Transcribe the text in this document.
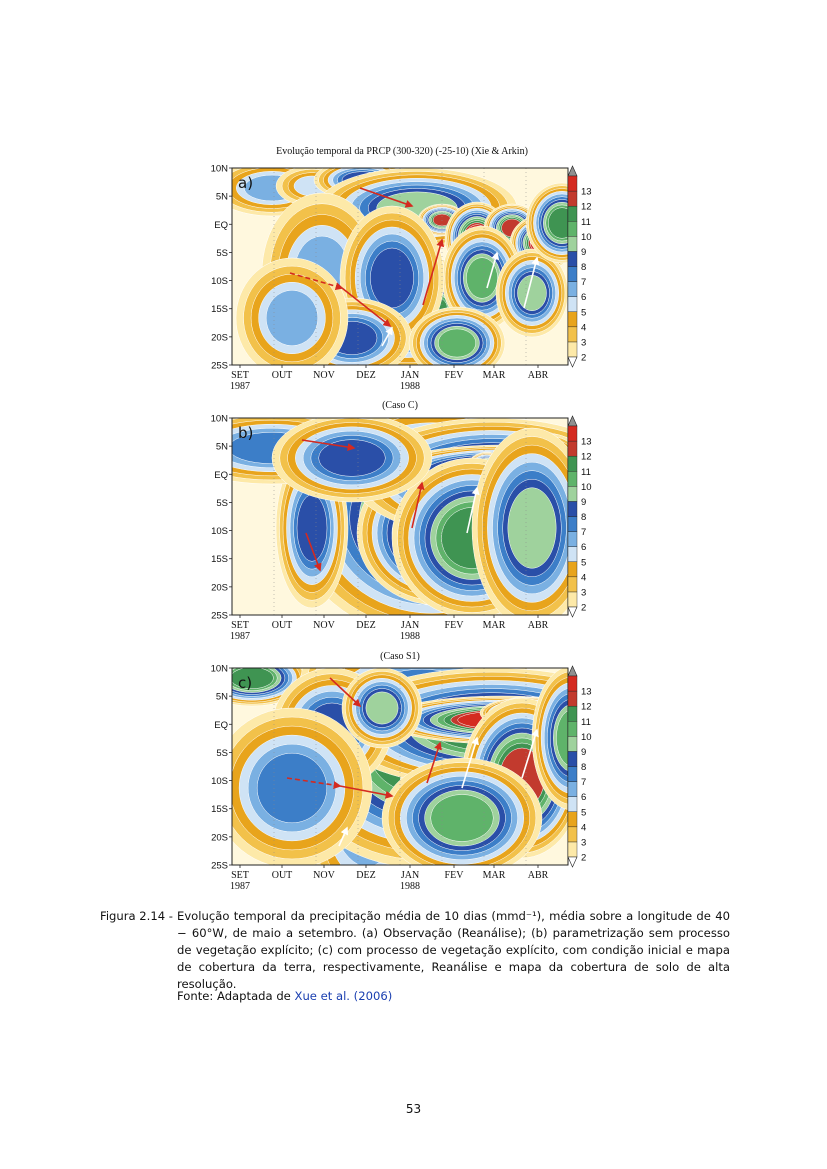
Evolução temporal da PRCP (300-320) (-25-10) (Xie & Arkin)
a)
10N
5N
EQ
5S
10S
15S
20S
25S
SET OUT NOV DEZ	JAN	FEV MAR ABR
1987	1988
2
3
4
5
6
7
8
9
10
11
12
13
(Caso C)
b)
10N
5N
EQ
5S
10S
15S
20S
25S
SET OUT NOV DEZ	JAN	FEV MAR ABR
1987	1988
2
3
4
5
6
7
8
9
10
11
12
13
(Caso S1)
c)
10N
5N
EQ
5S
10S
15S
20S
25S
SET OUT NOV DEZ	JAN	FEV MAR ABR
1987	1988
2
3
4
5
6
7
8
9
10
11
12
13
Figura 2.14 - Evolução temporal da precipitação média de 10 dias (mmd⁻¹), média sobre a longitude de 40 − 60°W, de maio a setembro. (a) Observação (Reanálise); (b) parametrização sem processo de vegetação explícito; (c) com processo de vegetação explícito, com condição inicial e mapa de cobertura da terra, respectivamente, Reanálise e mapa da cobertura de solo de alta resolução.
Fonte: Adaptada de Xue et al. (2006)
53
